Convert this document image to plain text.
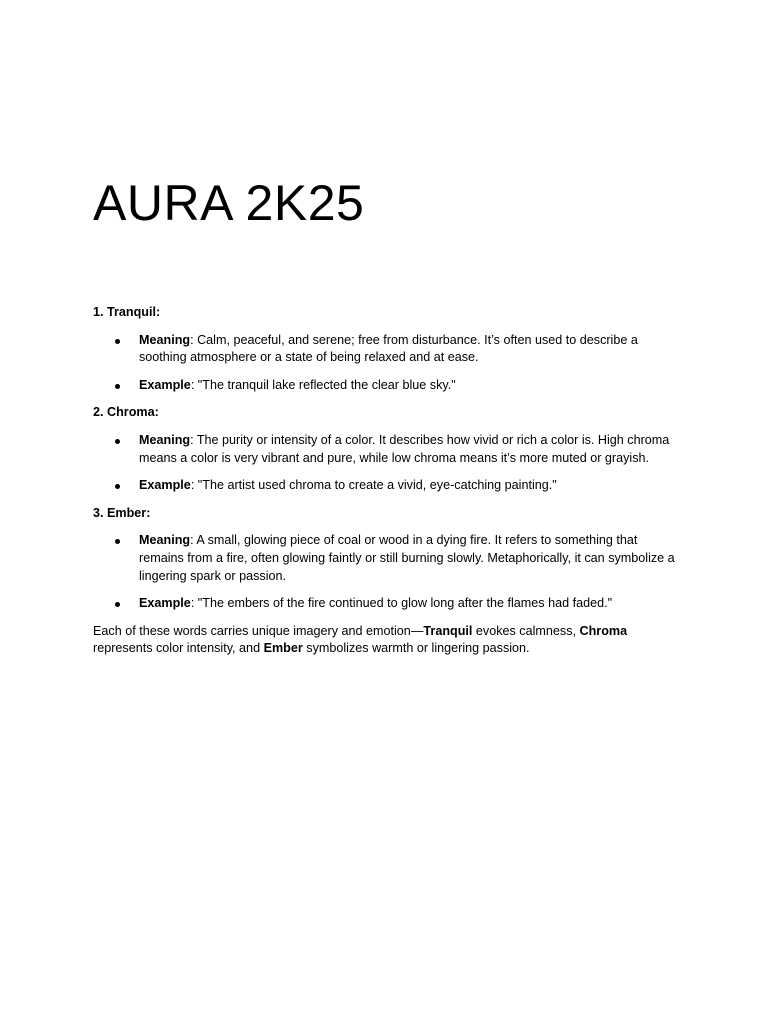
AURA 2K25

1. Tranquil:

Meaning: Calm, peaceful, and serene; free from disturbance. It’s often used to describe a soothing atmosphere or a state of being relaxed and at ease.
Example: "The tranquil lake reflected the clear blue sky."

2. Chroma:

Meaning: The purity or intensity of a color. It describes how vivid or rich a color is. High chroma means a color is very vibrant and pure, while low chroma means it’s more muted or grayish.
Example: "The artist used chroma to create a vivid, eye-catching painting."

3. Ember:

Meaning: A small, glowing piece of coal or wood in a dying fire. It refers to something that remains from a fire, often glowing faintly or still burning slowly. Metaphorically, it can symbolize a lingering spark or passion.
Example: "The embers of the fire continued to glow long after the flames had faded."

Each of these words carries unique imagery and emotion—Tranquil evokes calmness, Chroma represents color intensity, and Ember symbolizes warmth or lingering passion.
